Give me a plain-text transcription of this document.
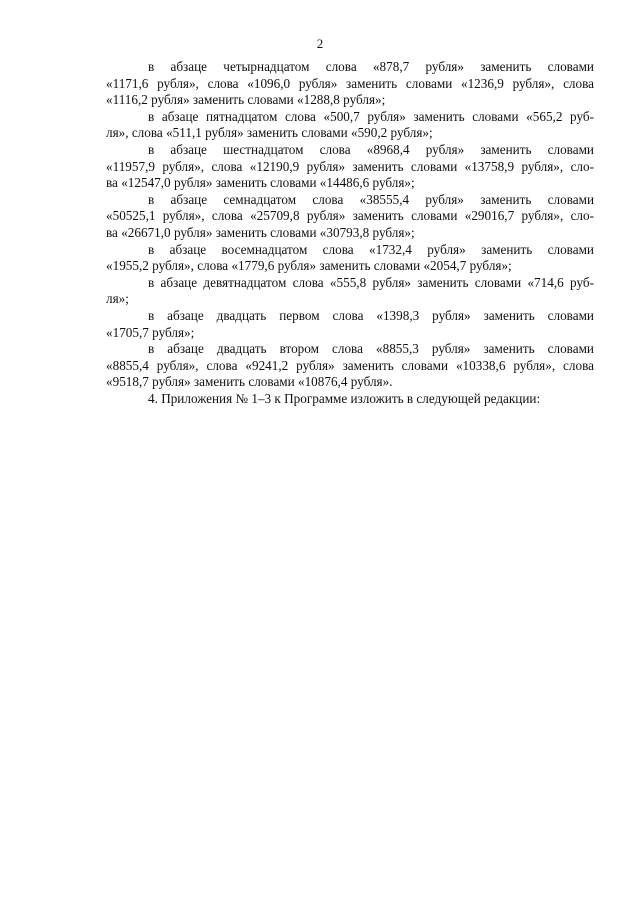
2
в абзаце четырнадцатом слова «878,7 рубля» заменить словами
«1171,6 рубля», слова «1096,0 рубля» заменить словами «1236,9 рубля», слова
«1116,2 рубля» заменить словами «1288,8 рубля»;
в абзаце пятнадцатом слова «500,7 рубля» заменить словами «565,2 руб-
ля», слова «511,1 рубля» заменить словами «590,2 рубля»;
в абзаце шестнадцатом слова «8968,4 рубля» заменить словами
«11957,9 рубля», слова «12190,9 рубля» заменить словами «13758,9 рубля», сло-
ва «12547,0 рубля» заменить словами «14486,6 рубля»;
в абзаце семнадцатом слова «38555,4 рубля» заменить словами
«50525,1 рубля», слова «25709,8 рубля» заменить словами «29016,7 рубля», сло-
ва «26671,0 рубля» заменить словами «30793,8 рубля»;
в абзаце восемнадцатом слова «1732,4 рубля» заменить словами
«1955,2 рубля», слова «1779,6 рубля» заменить словами «2054,7 рубля»;
в абзаце девятнадцатом слова «555,8 рубля» заменить словами «714,6 руб-
ля»;
в абзаце двадцать первом слова «1398,3 рубля» заменить словами
«1705,7 рубля»;
в абзаце двадцать втором слова «8855,3 рубля» заменить словами
«8855,4 рубля», слова «9241,2 рубля» заменить словами «10338,6 рубля», слова
«9518,7 рубля» заменить словами «10876,4 рубля».
4. Приложения № 1–3 к Программе изложить в следующей редакции:
